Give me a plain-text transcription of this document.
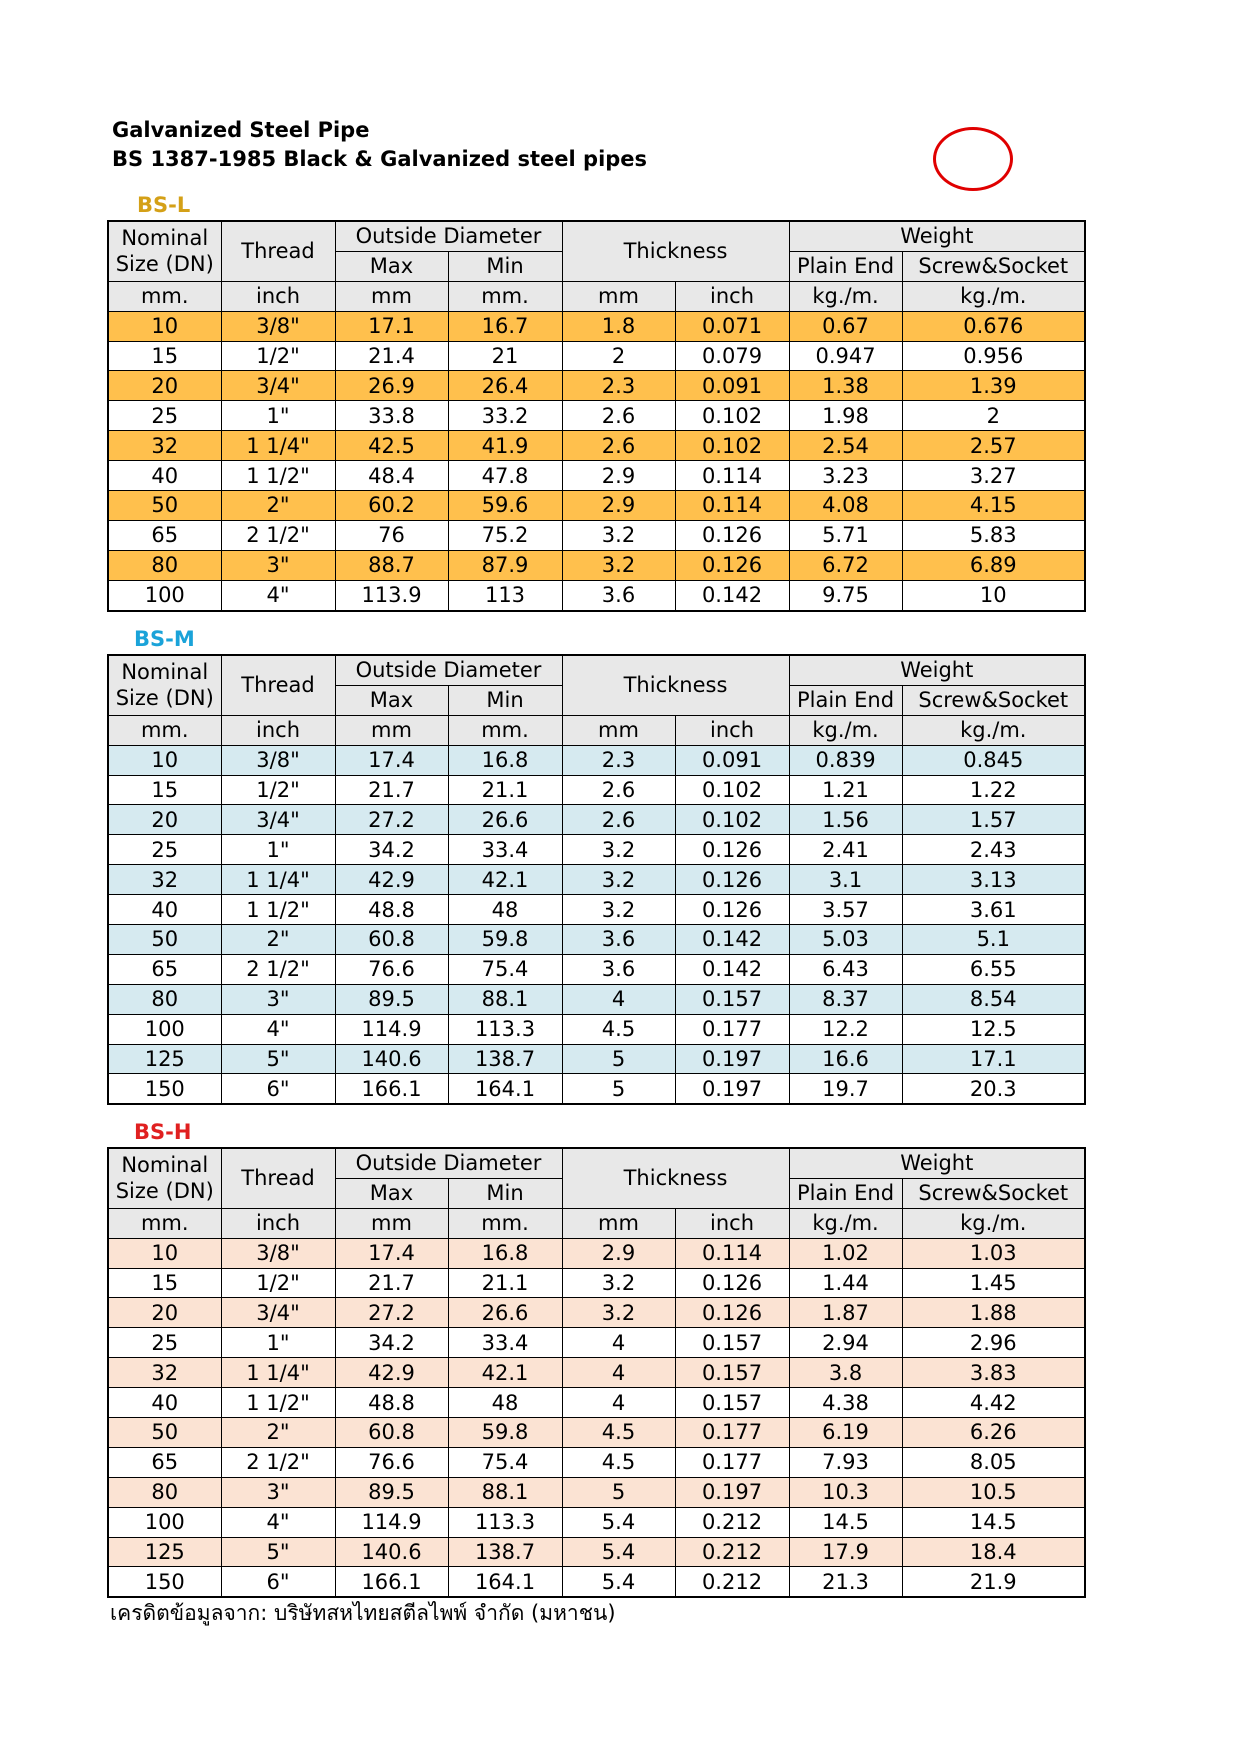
Galvanized Steel Pipe
BS 1387-1985 Black & Galvanized steel pipes
BS-L
Nominal
Size (DN)	Thread	Outside Diameter		Thickness		Weight	
		Max	Min			Plain End	Screw&Socket
mm.	inch	mm	mm.	mm	inch	kg./m.	kg./m.
10	3/8"	17.1	16.7	1.8	0.071	0.67	0.676
15	1/2"	21.4	21	2	0.079	0.947	0.956
20	3/4"	26.9	26.4	2.3	0.091	1.38	1.39
25	1"	33.8	33.2	2.6	0.102	1.98	2
32	1 1/4"	42.5	41.9	2.6	0.102	2.54	2.57
40	1 1/2"	48.4	47.8	2.9	0.114	3.23	3.27
50	2"	60.2	59.6	2.9	0.114	4.08	4.15
65	2 1/2"	76	75.2	3.2	0.126	5.71	5.83
80	3"	88.7	87.9	3.2	0.126	6.72	6.89
100	4"	113.9	113	3.6	0.142	9.75	10
BS-M
Nominal
Size (DN)	Thread	Outside Diameter		Thickness		Weight	
		Max	Min			Plain End	Screw&Socket
mm.	inch	mm	mm.	mm	inch	kg./m.	kg./m.
10	3/8"	17.4	16.8	2.3	0.091	0.839	0.845
15	1/2"	21.7	21.1	2.6	0.102	1.21	1.22
20	3/4"	27.2	26.6	2.6	0.102	1.56	1.57
25	1"	34.2	33.4	3.2	0.126	2.41	2.43
32	1 1/4"	42.9	42.1	3.2	0.126	3.1	3.13
40	1 1/2"	48.8	48	3.2	0.126	3.57	3.61
50	2"	60.8	59.8	3.6	0.142	5.03	5.1
65	2 1/2"	76.6	75.4	3.6	0.142	6.43	6.55
80	3"	89.5	88.1	4	0.157	8.37	8.54
100	4"	114.9	113.3	4.5	0.177	12.2	12.5
125	5"	140.6	138.7	5	0.197	16.6	17.1
150	6"	166.1	164.1	5	0.197	19.7	20.3
BS-H
Nominal
Size (DN)	Thread	Outside Diameter		Thickness		Weight	
		Max	Min			Plain End	Screw&Socket
mm.	inch	mm	mm.	mm	inch	kg./m.	kg./m.
10	3/8"	17.4	16.8	2.9	0.114	1.02	1.03
15	1/2"	21.7	21.1	3.2	0.126	1.44	1.45
20	3/4"	27.2	26.6	3.2	0.126	1.87	1.88
25	1"	34.2	33.4	4	0.157	2.94	2.96
32	1 1/4"	42.9	42.1	4	0.157	3.8	3.83
40	1 1/2"	48.8	48	4	0.157	4.38	4.42
50	2"	60.8	59.8	4.5	0.177	6.19	6.26
65	2 1/2"	76.6	75.4	4.5	0.177	7.93	8.05
80	3"	89.5	88.1	5	0.197	10.3	10.5
100	4"	114.9	113.3	5.4	0.212	14.5	14.5
125	5"	140.6	138.7	5.4	0.212	17.9	18.4
150	6"	166.1	164.1	5.4	0.212	21.3	21.9
เครดิตข้อมูลจาก: บริษัทสหไทยสตีลไพพ์ จำกัด (มหาชน)
